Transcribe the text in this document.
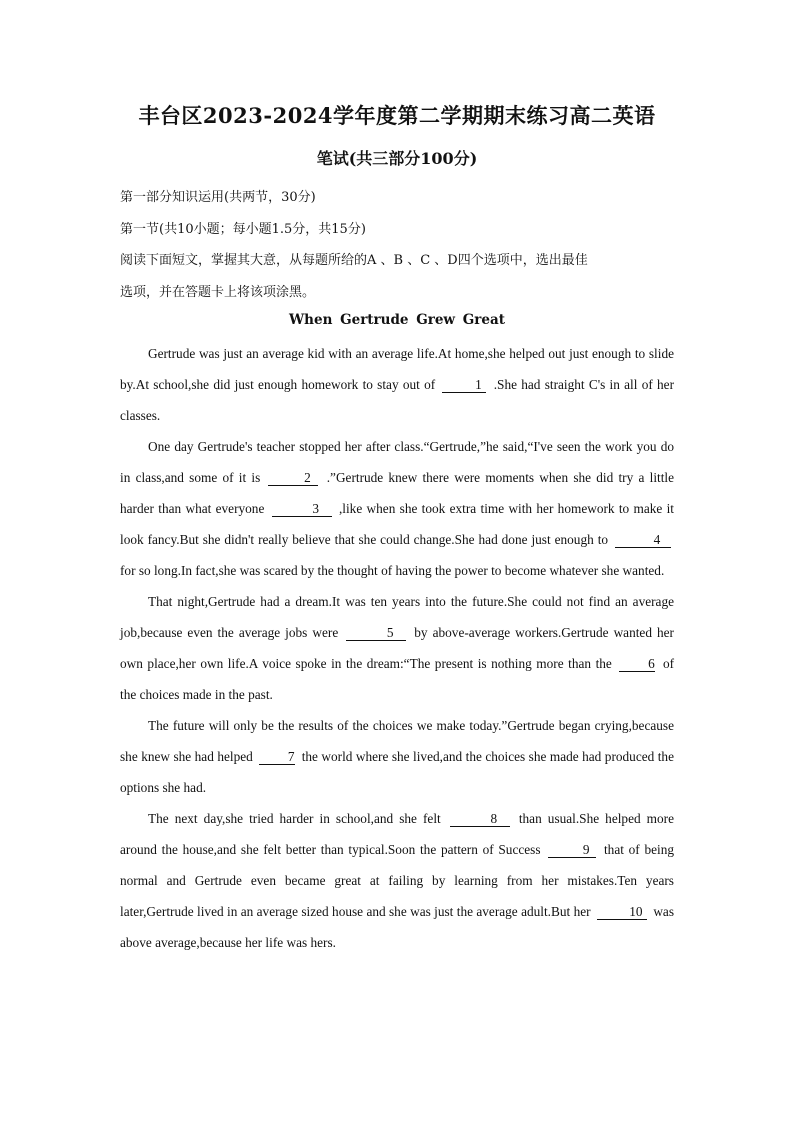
丰台区2023-2024学年度第二学期期末练习高二英语
笔试(共三部分100分)
第一部分知识运用(共两节，30分)
第一节(共10小题；每小题1.5分，共15分)
阅读下面短文，掌握其大意，从每题所给的A 、B 、C 、D四个选项中，选出最佳
选项，并在答题卡上将该项涂黑。
When Gertrude Grew Great

Gertrude was just an average kid with an average life.At home,she helped out just enough to slide by.At school,she did just enough homework to stay out of	1 .She had straight C's in all of her classes.

One day Gertrude's teacher stopped her after class.“Gertrude,”he said,“I've seen the work you do in class,and some of it is	2 .”Gertrude knew there were moments when she did try a little harder than what everyone	3 ,like when she took extra time with her homework to make it look fancy.But she didn't really believe that she could change.She had done just enough to	4 for so long.In fact,she was scared by the thought of having the power to become whatever she wanted.

That night,Gertrude had a dream.It was ten years into the future.She could not find an average job,because even the average jobs were	5 by above-average workers.Gertrude wanted her own place,her own life.A voice spoke in the dream:“The present is nothing more than the	6 of the choices made in the past.

The future will only be the results of the choices we make today.”Gertrude began crying,because she knew she had helped	7 the world where she lived,and the choices she made had produced the options she had.

The next day,she tried harder in school,and she felt	8 than usual.She helped more around the house,and she felt better than typical.Soon the pattern of Success	9 that of being normal and Gertrude even became great at failing by learning from her mistakes.Ten years later,Gertrude lived in an average sized house and she was just the average adult.But her	10 was above average,because her life was hers.
